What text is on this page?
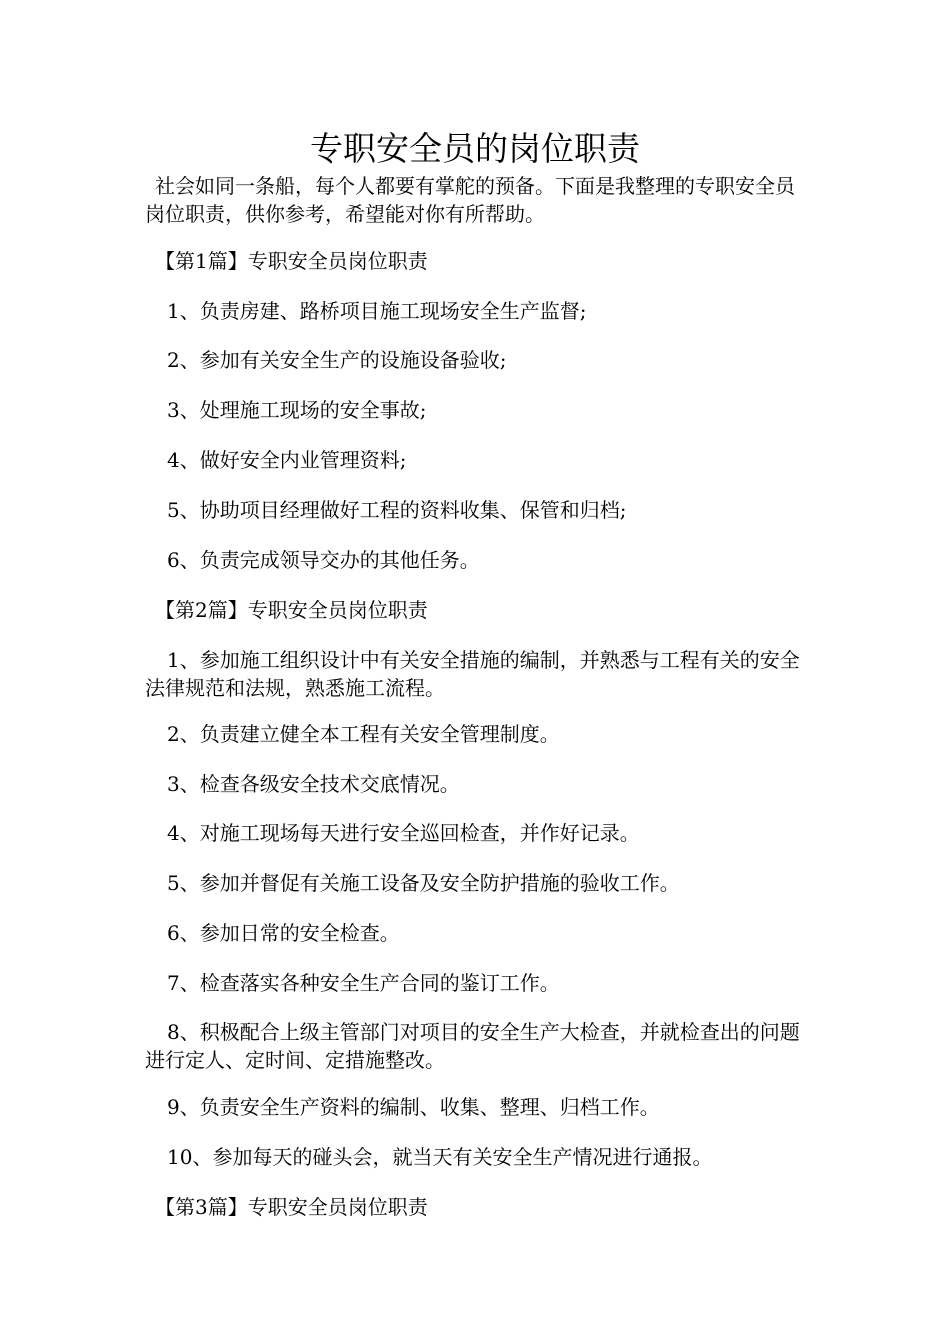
专职安全员的岗位职责

社会如同一条船，每个人都要有掌舵的预备。下面是我整理的专职安全员岗位职责，供你参考，希望能对你有所帮助。

【第1篇】专职安全员岗位职责

1、负责房建、路桥项目施工现场安全生产监督;

2、参加有关安全生产的设施设备验收;

3、处理施工现场的安全事故;

4、做好安全内业管理资料;

5、协助项目经理做好工程的资料收集、保管和归档;

6、负责完成领导交办的其他任务。

【第2篇】专职安全员岗位职责

1、参加施工组织设计中有关安全措施的编制，并熟悉与工程有关的安全法律规范和法规，熟悉施工流程。

2、负责建立健全本工程有关安全管理制度。

3、检查各级安全技术交底情况。

4、对施工现场每天进行安全巡回检查，并作好记录。

5、参加并督促有关施工设备及安全防护措施的验收工作。

6、参加日常的安全检查。

7、检查落实各种安全生产合同的鉴订工作。

8、积极配合上级主管部门对项目的安全生产大检查，并就检查出的问题进行定人、定时间、定措施整改。

9、负责安全生产资料的编制、收集、整理、归档工作。

10、参加每天的碰头会，就当天有关安全生产情况进行通报。

【第3篇】专职安全员岗位职责
